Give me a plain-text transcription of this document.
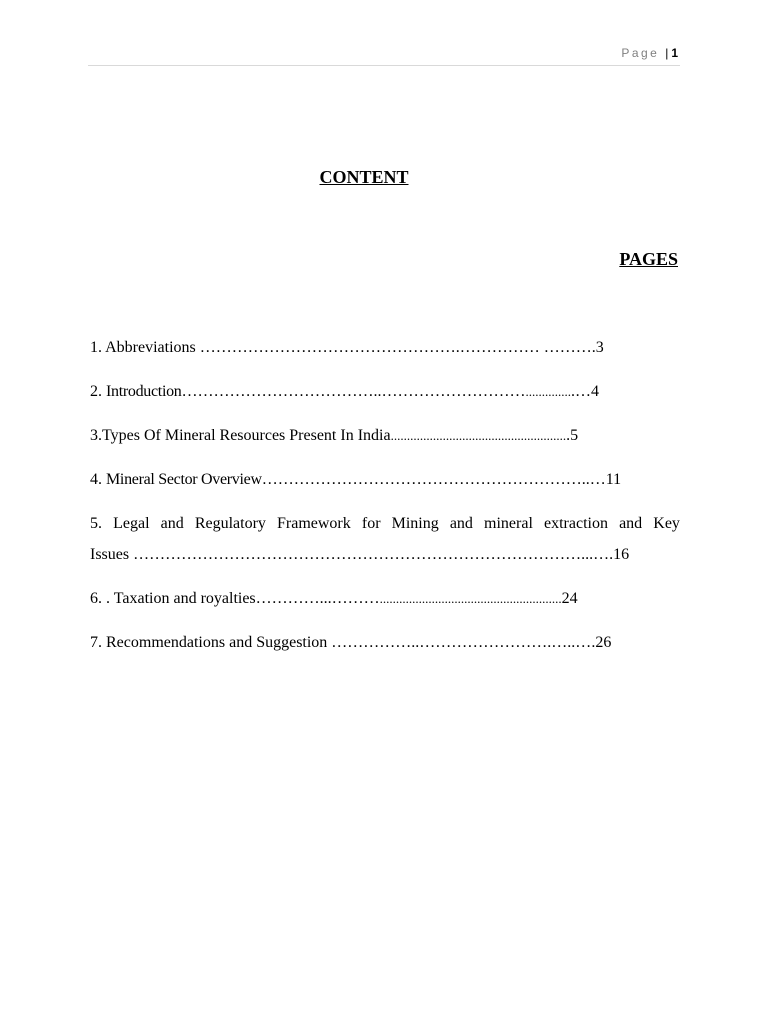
Page | 1
CONTENT
PAGES
1. Abbreviations ………………………………………….…………… ……….3
2. Introduction………………………………..………………………...............…4
3.Types Of Mineral Resources Present In India.......................................................5
4. Mineral Sector Overview……………………………………………………..…11
5. Legal and Regulatory Framework for Mining and mineral extraction and Key
Issues …………………………………………………………………………...….16
6. . Taxation and royalties…………...………........................................................24
7. Recommendations and Suggestion ……………..…………………….…..….26
